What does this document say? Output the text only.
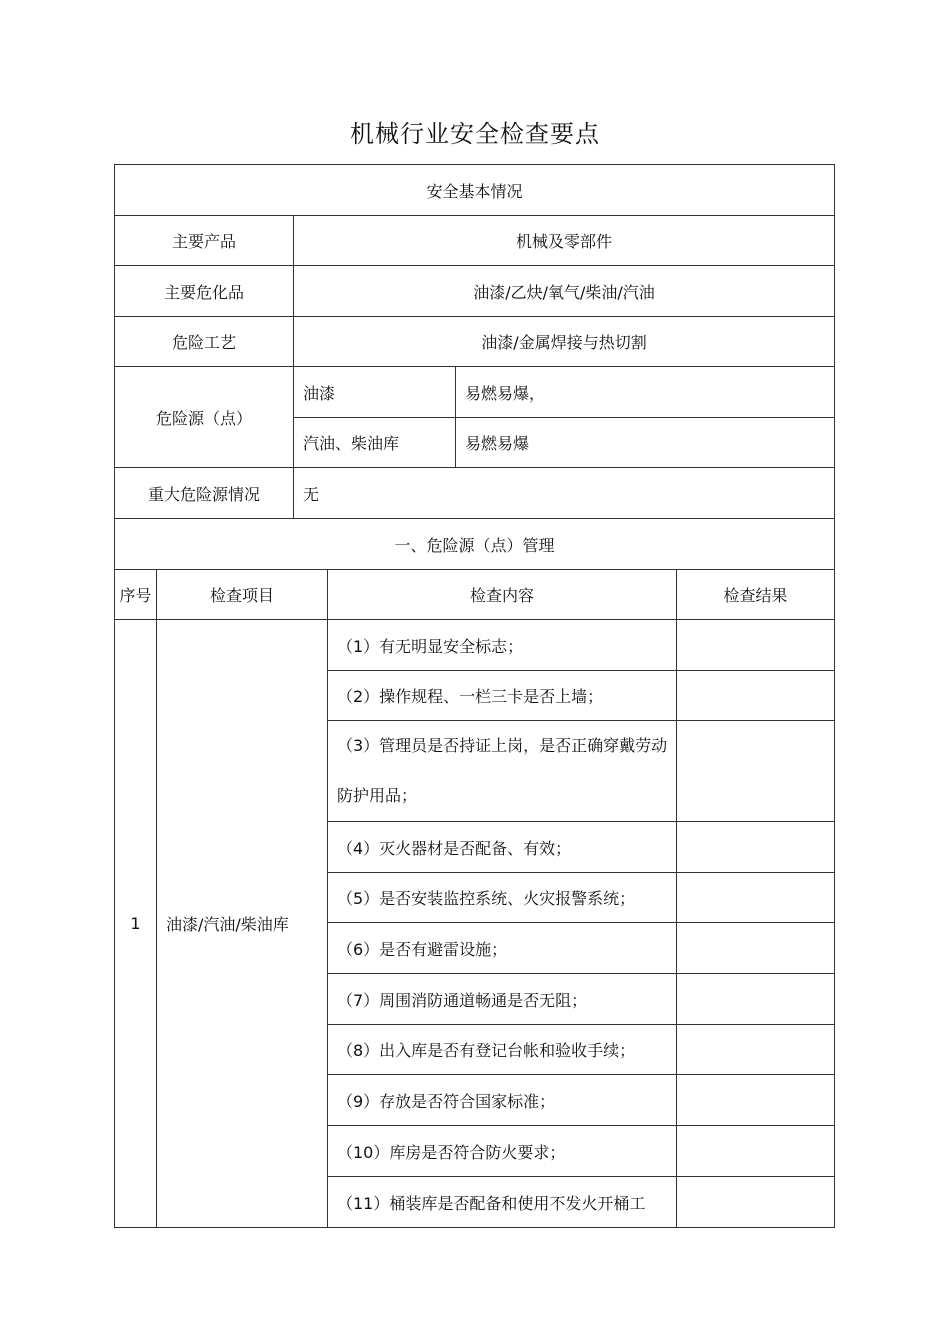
机械行业安全检查要点
安全基本情况
主要产品	机械及零部件
主要危化品	油漆/乙炔/氧气/柴油/汽油
危险工艺	油漆/金属焊接与热切割
危险源（点）
油漆	易燃易爆，
汽油、柴油库	易燃易爆
重大危险源情况	无
一、危险源（点）管理
序号	检查项目	检查内容	检查结果
1	油漆/汽油/柴油库
（1）有无明显安全标志；
（2）操作规程、一栏三卡是否上墙；
（3）管理员是否持证上岗，是否正确穿戴劳动防护用品；
（4）灭火器材是否配备、有效；
（5）是否安装监控系统、火灾报警系统；
（6）是否有避雷设施；
（7）周围消防通道畅通是否无阻；
（8）出入库是否有登记台帐和验收手续；
（9）存放是否符合国家标准；
（10）库房是否符合防火要求；
（11）桶装库是否配备和使用不发火开桶工
